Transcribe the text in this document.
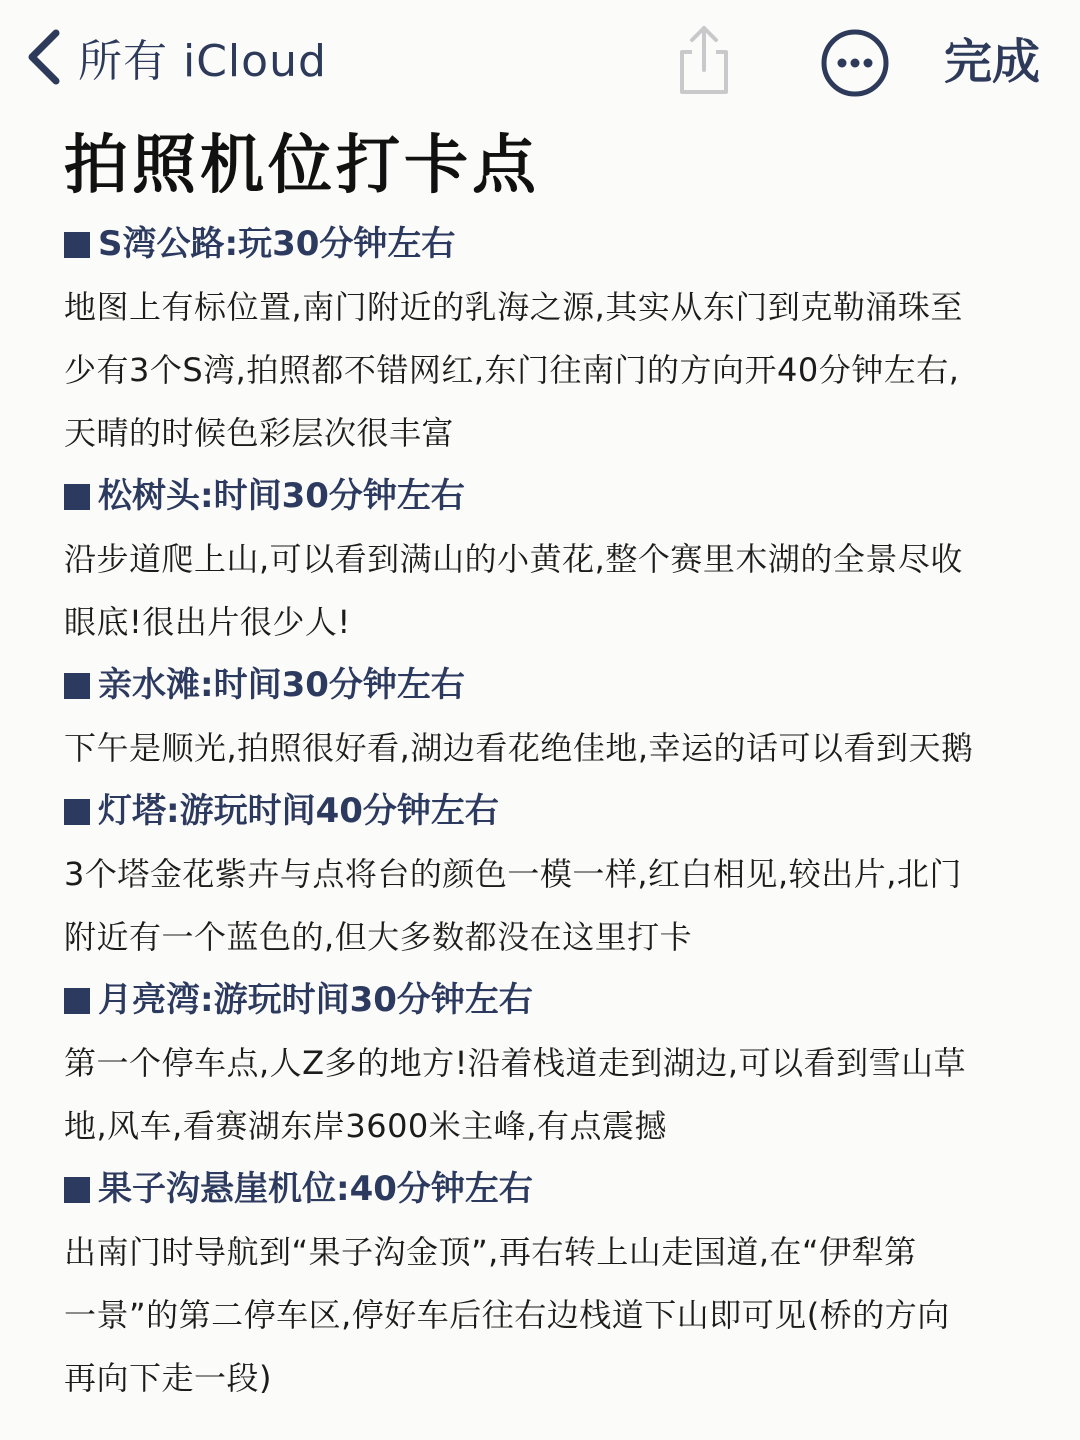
所有 iCloud	完成
拍照机位打卡点
S湾公路:玩30分钟左右
地图上有标位置,南门附近的乳海之源,其实从东门到克勒涌珠至
少有3个S湾,拍照都不错网红,东门往南门的方向开40分钟左右,
天晴的时候色彩层次很丰富
松树头:时间30分钟左右
沿步道爬上山,可以看到满山的小黄花,整个赛里木湖的全景尽收
眼底!很出片很少人!
亲水滩:时间30分钟左右
下午是顺光,拍照很好看,湖边看花绝佳地,幸运的话可以看到天鹅
灯塔:游玩时间40分钟左右
3个塔金花紫卉与点将台的颜色一模一样,红白相见,较出片,北门
附近有一个蓝色的,但大多数都没在这里打卡
月亮湾:游玩时间30分钟左右
第一个停车点,人Z多的地方!沿着栈道走到湖边,可以看到雪山草
地,风车,看赛湖东岸3600米主峰,有点震撼
果子沟悬崖机位:40分钟左右
出南门时导航到“果子沟金顶”,再右转上山走国道,在“伊犁第
一景”的第二停车区,停好车后往右边栈道下山即可见(桥的方向
再向下走一段)
